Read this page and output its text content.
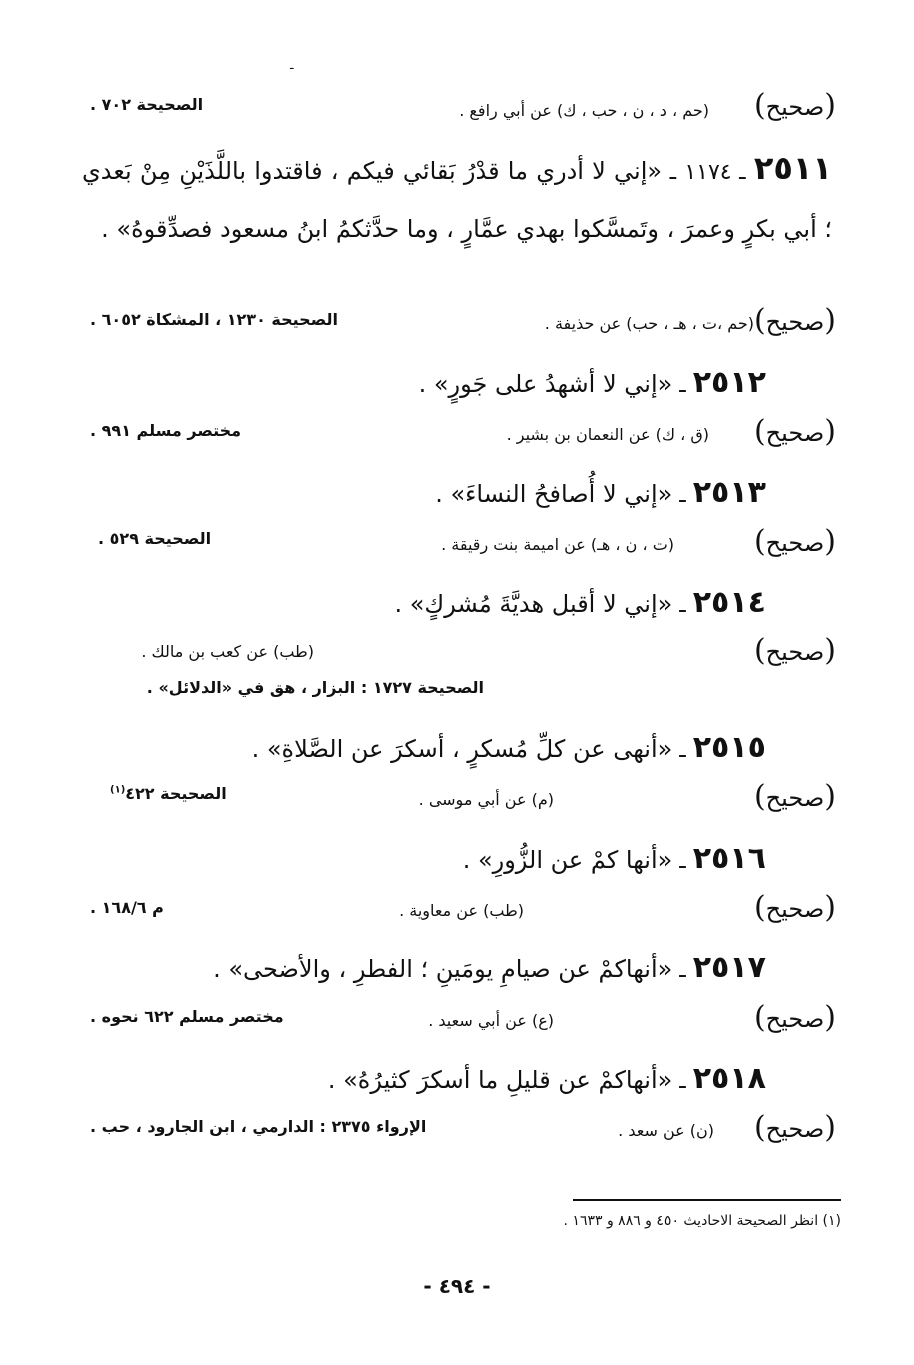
ـ
(صحيح)
(حم ، د ، ن ، حب ، ك) عن أبي رافع .
الصحيحة ٧٠٢ .
٢٥١١ ـ ١١٧٤ ـ «إني لا أدري ما قدْرُ بَقائي فيكم ، فاقتدوا باللَّذَيْنِ مِنْ بَعدي ؛ أبي بكرٍ وعمرَ ، وتَمسَّكوا بهدي عمَّارٍ ، وما حدَّثكمُ ابنُ مسعود فصدِّقوهُ» .
(صحيح)
(حم ،ت ، هـ ، حب) عن حذيفة .
الصحيحة ١٢٣٠ ، المشكاة ٦٠٥٢ .
٢٥١٢ ـ «إني لا أشهدُ على جَورٍ» .
(صحيح)
(ق ، ك) عن النعمان بن بشير .
مختصر مسلم ٩٩١ .
٢٥١٣ ـ «إني لا أُصافحُ النساءَ» .
(صحيح)
(ت ، ن ، هـ) عن اميمة بنت رقيقة .
الصحيحة ٥٢٩ .
٢٥١٤ ـ «إني لا أقبل هديَّةَ مُشركٍ» .
(صحيح)
(طب) عن كعب بن مالك .
الصحيحة ١٧٢٧ : البزار ، هق في «الدلائل» .
٢٥١٥ ـ «أنهى عن كلِّ مُسكرٍ ، أسكرَ عن الصَّلاةِ» .
(صحيح)
(م) عن أبي موسى .
الصحيحة ٤٢٢$^{(١)}$
٢٥١٦ ـ «أنها كمْ عن الزُّورِ» .
(صحيح)
(طب) عن معاوية .
م ١٦٨/٦ .
٢٥١٧ ـ «أنهاكمْ عن صيامِ يومَينِ ؛ الفطرِ ، والأضحى» .
(صحيح)
(ع) عن أبي سعيد .
مختصر مسلم ٦٢٢ نحوه .
٢٥١٨ ـ «أنهاكمْ عن قليلِ ما أسكرَ كثيرُهُ» .
(صحيح)
(ن) عن سعد .
الإرواء ٢٣٧٥ : الدارمي ، ابن الجارود ، حب .
(١) انظر الصحيحة الاحاديث ٤٥٠ و ٨٨٦ و ١٦٣٣ .
- ٤٩٤ -
